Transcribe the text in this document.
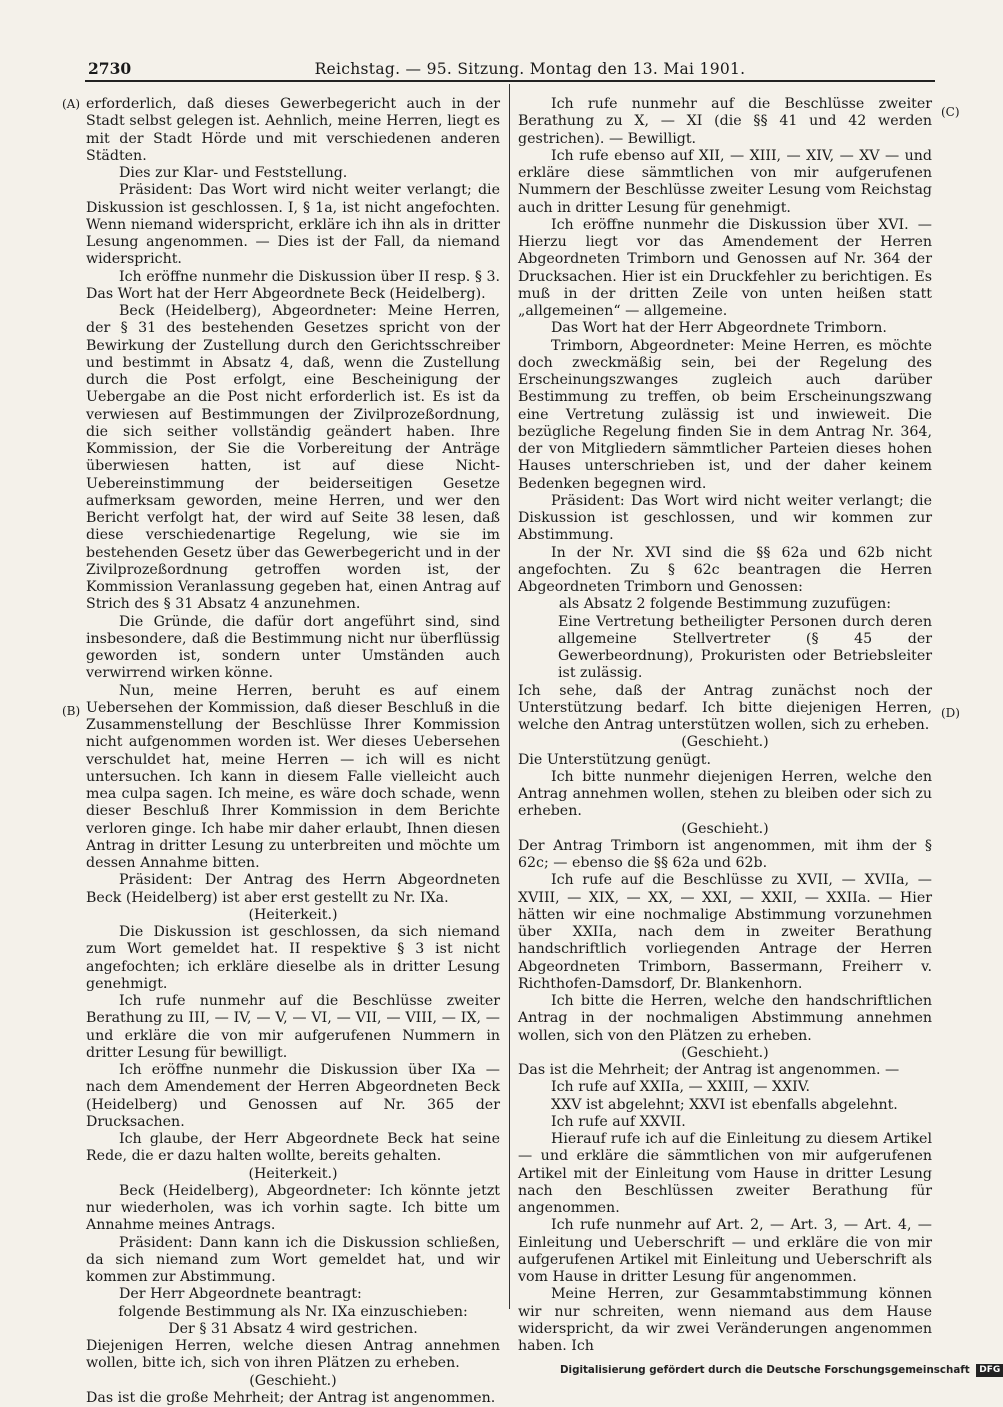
2730	Reichstag. — 95. Sitzung. Montag den 13. Mai 1901.
(A)
(B)
(C)
(D)

erforderlich, daß dieses Gewerbegericht auch in der Stadt selbst gelegen ist. Aehnlich, meine Herren, liegt es mit der Stadt Hörde und mit verschiedenen anderen Städten.

Dies zur Klar- und Feststellung.

Präsident: Das Wort wird nicht weiter verlangt; die Diskussion ist geschlossen. I, § 1a, ist nicht angefochten. Wenn niemand widerspricht, erkläre ich ihn als in dritter Lesung angenommen. — Dies ist der Fall, da niemand widerspricht.

Ich eröffne nunmehr die Diskussion über II resp. § 3. Das Wort hat der Herr Abgeordnete Beck (Heidelberg).

Beck (Heidelberg), Abgeordneter: Meine Herren, der § 31 des bestehenden Gesetzes spricht von der Bewirkung der Zustellung durch den Gerichtsschreiber und bestimmt in Absatz 4, daß, wenn die Zustellung durch die Post erfolgt, eine Bescheinigung der Uebergabe an die Post nicht erforderlich ist. Es ist da verwiesen auf Bestimmungen der Zivilprozeßordnung, die sich seither vollständig geändert haben. Ihre Kommission, der Sie die Vorbereitung der Anträge überwiesen hatten, ist auf diese Nicht-Uebereinstimmung der beiderseitigen Gesetze aufmerksam geworden, meine Herren, und wer den Bericht verfolgt hat, der wird auf Seite 38 lesen, daß diese verschiedenartige Regelung, wie sie im bestehenden Gesetz über das Gewerbegericht und in der Zivilprozeßordnung getroffen worden ist, der Kommission Veranlassung gegeben hat, einen Antrag auf Strich des § 31 Absatz 4 anzunehmen.

Die Gründe, die dafür dort angeführt sind, sind insbesondere, daß die Bestimmung nicht nur überflüssig geworden ist, sondern unter Umständen auch verwirrend wirken könne.

Nun, meine Herren, beruht es auf einem Uebersehen der Kommission, daß dieser Beschluß in die Zusammenstellung der Beschlüsse Ihrer Kommission nicht aufgenommen worden ist. Wer dieses Uebersehen verschuldet hat, meine Herren — ich will es nicht untersuchen. Ich kann in diesem Falle vielleicht auch mea culpa sagen. Ich meine, es wäre doch schade, wenn dieser Beschluß Ihrer Kommission in dem Berichte verloren ginge. Ich habe mir daher erlaubt, Ihnen diesen Antrag in dritter Lesung zu unterbreiten und möchte um dessen Annahme bitten.

Präsident: Der Antrag des Herrn Abgeordneten Beck (Heidelberg) ist aber erst gestellt zu Nr. IXa.

(Heiterkeit.)

Die Diskussion ist geschlossen, da sich niemand zum Wort gemeldet hat. II respektive § 3 ist nicht angefochten; ich erkläre dieselbe als in dritter Lesung genehmigt.

Ich rufe nunmehr auf die Beschlüsse zweiter Berathung zu III, — IV, — V, — VI, — VII, — VIII, — IX, — und erkläre die von mir aufgerufenen Nummern in dritter Lesung für bewilligt.

Ich eröffne nunmehr die Diskussion über IXa — nach dem Amendement der Herren Abgeordneten Beck (Heidelberg) und Genossen auf Nr. 365 der Drucksachen.

Ich glaube, der Herr Abgeordnete Beck hat seine Rede, die er dazu halten wollte, bereits gehalten.

(Heiterkeit.)

Beck (Heidelberg), Abgeordneter: Ich könnte jetzt nur wiederholen, was ich vorhin sagte. Ich bitte um Annahme meines Antrags.

Präsident: Dann kann ich die Diskussion schließen, da sich niemand zum Wort gemeldet hat, und wir kommen zur Abstimmung.

Der Herr Abgeordnete beantragt:

folgende Bestimmung als Nr. IXa einzuschieben:

Der § 31 Absatz 4 wird gestrichen.

Diejenigen Herren, welche diesen Antrag annehmen wollen, bitte ich, sich von ihren Plätzen zu erheben.

(Geschieht.)

Das ist die große Mehrheit; der Antrag ist angenommen.

Ich rufe nunmehr auf die Beschlüsse zweiter Berathung zu X, — XI (die §§ 41 und 42 werden gestrichen). — Bewilligt.

Ich rufe ebenso auf XII, — XIII, — XIV, — XV — und erkläre diese sämmtlichen von mir aufgerufenen Nummern der Beschlüsse zweiter Lesung vom Reichstag auch in dritter Lesung für genehmigt.

Ich eröffne nunmehr die Diskussion über XVI. — Hierzu liegt vor das Amendement der Herren Abgeordneten Trimborn und Genossen auf Nr. 364 der Drucksachen. Hier ist ein Druckfehler zu berichtigen. Es muß in der dritten Zeile von unten heißen statt „allgemeinen“ — allgemeine.

Das Wort hat der Herr Abgeordnete Trimborn.

Trimborn, Abgeordneter: Meine Herren, es möchte doch zweckmäßig sein, bei der Regelung des Erscheinungszwanges zugleich auch darüber Bestimmung zu treffen, ob beim Erscheinungszwang eine Vertretung zulässig ist und inwieweit. Die bezügliche Regelung finden Sie in dem Antrag Nr. 364, der von Mitgliedern sämmtlicher Parteien dieses hohen Hauses unterschrieben ist, und der daher keinem Bedenken begegnen wird.

Präsident: Das Wort wird nicht weiter verlangt; die Diskussion ist geschlossen, und wir kommen zur Abstimmung.

In der Nr. XVI sind die §§ 62a und 62b nicht angefochten. Zu § 62c beantragen die Herren Abgeordneten Trimborn und Genossen:

als Absatz 2 folgende Bestimmung zuzufügen:

Eine Vertretung betheiligter Personen durch deren allgemeine Stellvertreter (§ 45 der Gewerbeordnung), Prokuristen oder Betriebsleiter ist zulässig.

Ich sehe, daß der Antrag zunächst noch der Unterstützung bedarf. Ich bitte diejenigen Herren, welche den Antrag unterstützen wollen, sich zu erheben.

(Geschieht.)

Die Unterstützung genügt.

Ich bitte nunmehr diejenigen Herren, welche den Antrag annehmen wollen, stehen zu bleiben oder sich zu erheben.

(Geschieht.)

Der Antrag Trimborn ist angenommen, mit ihm der § 62c; — ebenso die §§ 62a und 62b.

Ich rufe auf die Beschlüsse zu XVII, — XVIIa, — XVIII, — XIX, — XX, — XXI, — XXII, — XXIIa. — Hier hätten wir eine nochmalige Abstimmung vorzunehmen über XXIIa, nach dem in zweiter Berathung handschriftlich vorliegenden Antrage der Herren Abgeordneten Trimborn, Bassermann, Freiherr v. Richthofen-Damsdorf, Dr. Blankenhorn.

Ich bitte die Herren, welche den handschriftlichen Antrag in der nochmaligen Abstimmung annehmen wollen, sich von den Plätzen zu erheben.

(Geschieht.)

Das ist die Mehrheit; der Antrag ist angenommen. —

Ich rufe auf XXIIa, — XXIII, — XXIV.

XXV ist abgelehnt; XXVI ist ebenfalls abgelehnt.

Ich rufe auf XXVII.

Hierauf rufe ich auf die Einleitung zu diesem Artikel — und erkläre die sämmtlichen von mir aufgerufenen Artikel mit der Einleitung vom Hause in dritter Lesung nach den Beschlüssen zweiter Berathung für angenommen.

Ich rufe nunmehr auf Art. 2, — Art. 3, — Art. 4, — Einleitung und Ueberschrift — und erkläre die von mir aufgerufenen Artikel mit Einleitung und Ueberschrift als vom Hause in dritter Lesung für angenommen.

Meine Herren, zur Gesammtabstimmung können wir nur schreiten, wenn niemand aus dem Hause widerspricht, da wir zwei Veränderungen angenommen haben. Ich

Digitalisierung gefördert durch die Deutsche Forschungsgemeinschaft DFG
